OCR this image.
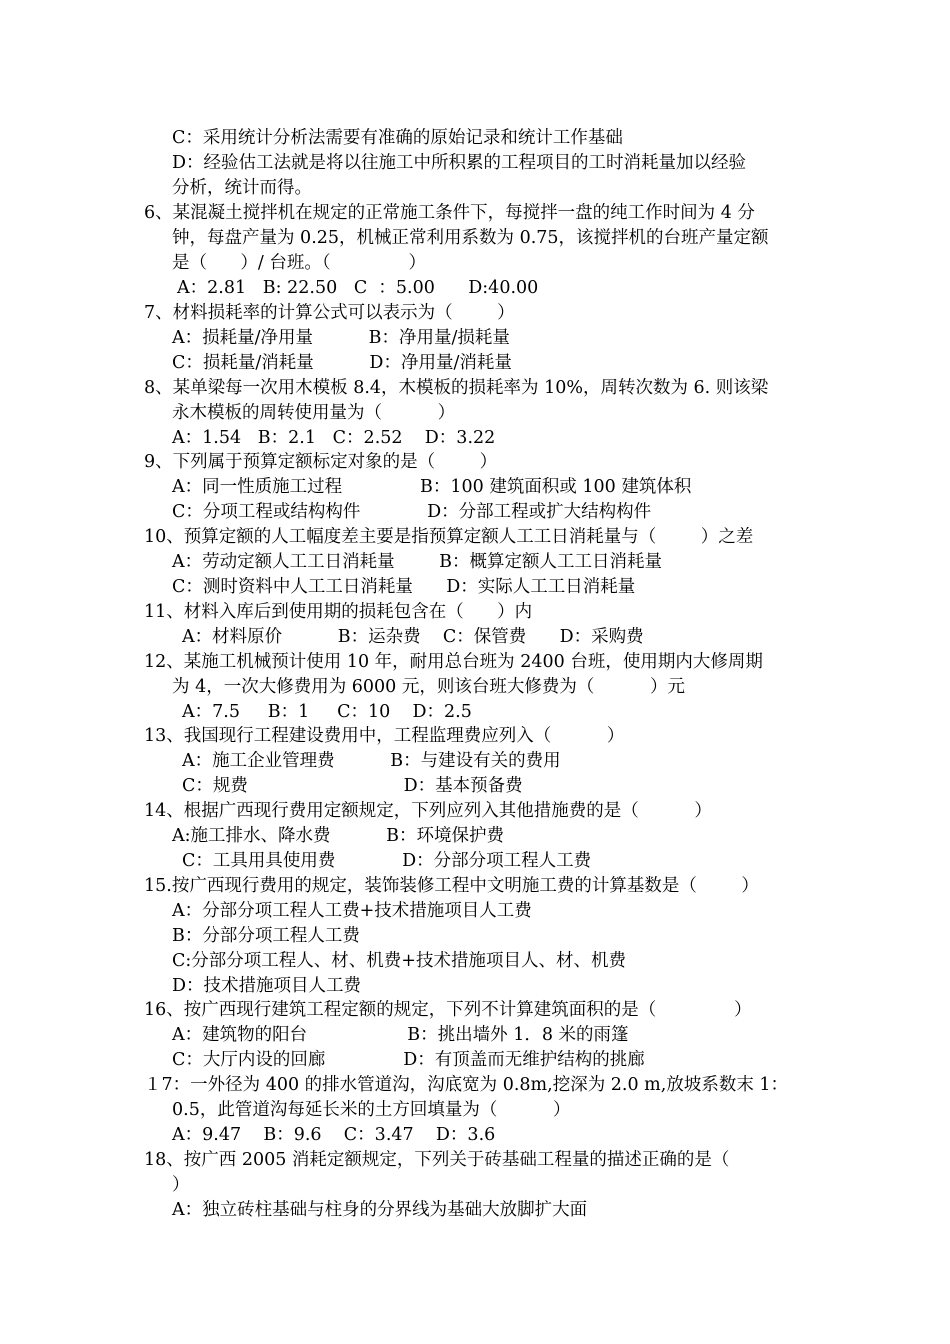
C：采用统计分析法需要有准确的原始记录和统计工作基础
D：经验估工法就是将以往施工中所积累的工程项目的工时消耗量加以经验
分析，统计而得。
6、某混凝土搅拌机在规定的正常施工条件下，每搅拌一盘的纯工作时间为 4 分
钟，每盘产量为 0.25，机械正常利用系数为 0.75，该搅拌机的台班产量定额
是（      ）/ 台班。（              ）
A：2.81   B: 22.50   C  ：5.00      D:40.00
7、材料损耗率的计算公式可以表示为（        ）
A：损耗量/净用量          B：净用量/损耗量
C：损耗量/消耗量          D：净用量/消耗量
8、某单梁每一次用木模板 8.4，木模板的损耗率为 10%，周转次数为 6. 则该梁
永木模板的周转使用量为（          ）
A：1.54   B：2.1   C：2.52    D：3.22
9、下列属于预算定额标定对象的是（        ）
A：同一性质施工过程              B：100 建筑面积或 100 建筑体积
C：分项工程或结构构件            D：分部工程或扩大结构构件
10、预算定额的人工幅度差主要是指预算定额人工工日消耗量与（        ）之差
A：劳动定额人工工日消耗量        B：概算定额人工工日消耗量
C：测时资料中人工工日消耗量      D：实际人工工日消耗量
11、材料入库后到使用期的损耗包含在（      ）内
A：材料原价          B：运杂费    C：保管费      D：采购费
12、某施工机械预计使用 10 年，耐用总台班为 2400 台班，使用期内大修周期
为 4，一次大修费用为 6000 元，则该台班大修费为（          ）元
A：7.5     B：1     C：10    D：2.5
13、我国现行工程建设费用中，工程监理费应列入（          ）
A：施工企业管理费          B：与建设有关的费用
C：规费                            D：基本预备费
14、根据广西现行费用定额规定，下列应列入其他措施费的是（          ）
A:施工排水、降水费          B：环境保护费
C：工具用具使用费            D：分部分项工程人工费
15.按广西现行费用的规定，装饰装修工程中文明施工费的计算基数是（        ）
A：分部分项工程人工费+技术措施项目人工费
B：分部分项工程人工费
C:分部分项工程人、材、机费+技术措施项目人、材、机费
D：技术措施项目人工费
16、按广西现行建筑工程定额的规定，下列不计算建筑面积的是（              ）
A：建筑物的阳台                  B：挑出墙外 1．8 米的雨篷
C：大厅内设的回廊              D：有顶盖而无维护结构的挑廊
１7：一外径为 400 的排水管道沟，沟底宽为 0.8m,挖深为 2.0 m,放坡系数末 1：
0.5，此管道沟每延长米的土方回填量为（          ）
A：9.47    B：9.6    C：3.47    D：3.6
18、按广西 2005 消耗定额规定，下列关于砖基础工程量的描述正确的是（
）
A：独立砖柱基础与柱身的分界线为基础大放脚扩大面
